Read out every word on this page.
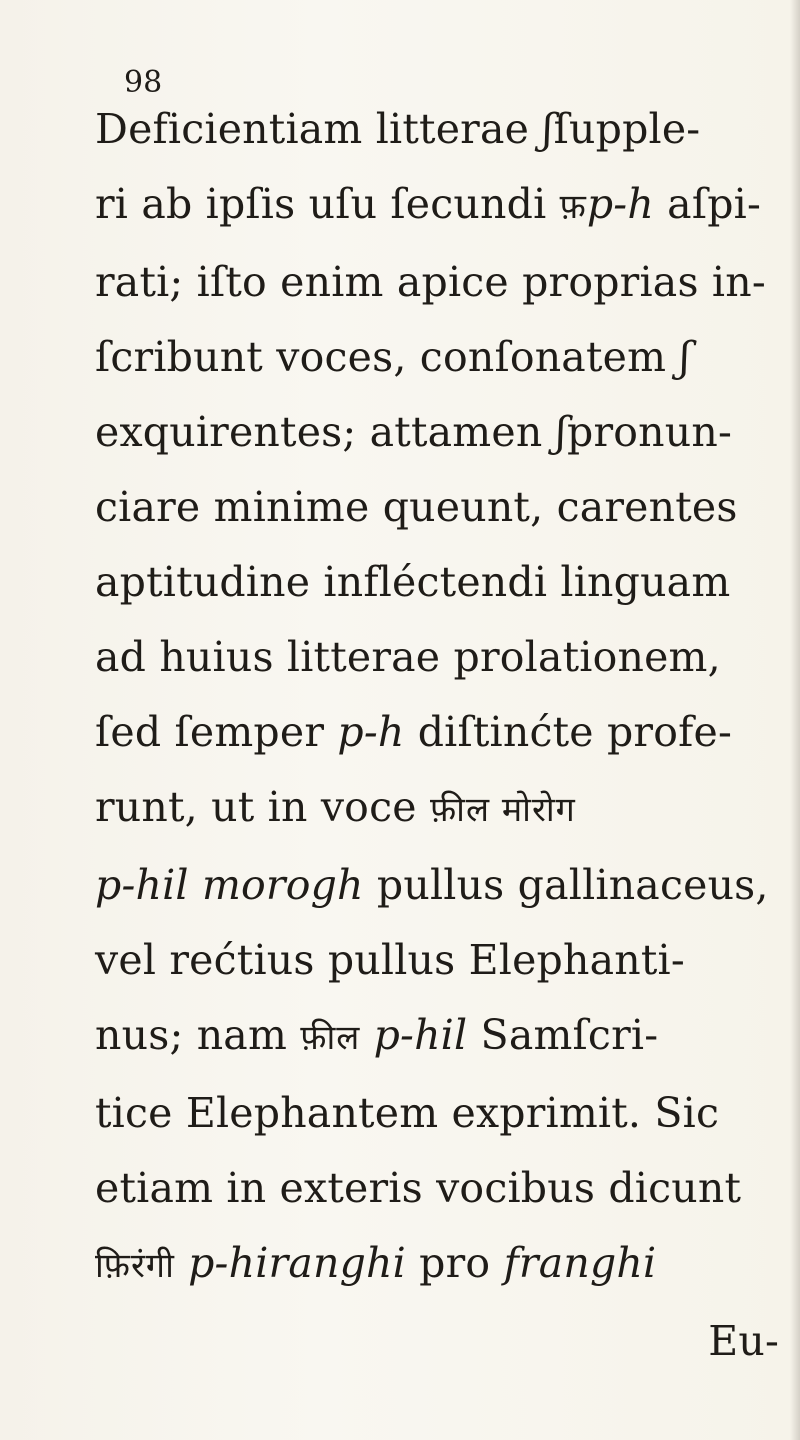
98
Deficientiam litterae ʃſupple-
ri ab ipſis uſu ſecundi फ़p-h aſpi-
rati; iſto enim apice proprias in-
ſcribunt voces, conſonatem ʃ
exquirentes; attamen ʃpronun-
ciare minime queunt, carentes
aptitudine infléctendi linguam
ad huius litterae prolationem,
ſed ſemper p-h diſtinćte profe-
runt, ut in voce फ़ील मोरोग
p-hil morogh pullus gallinaceus,
vel rećtius pullus Elephanti-
nus; nam फ़ील p-hil Samſcri-
tice Elephantem exprimit. Sic
etiam in exteris vocibus dicunt
फ़िरंगी p-hiranghi pro franghi
Eu-
